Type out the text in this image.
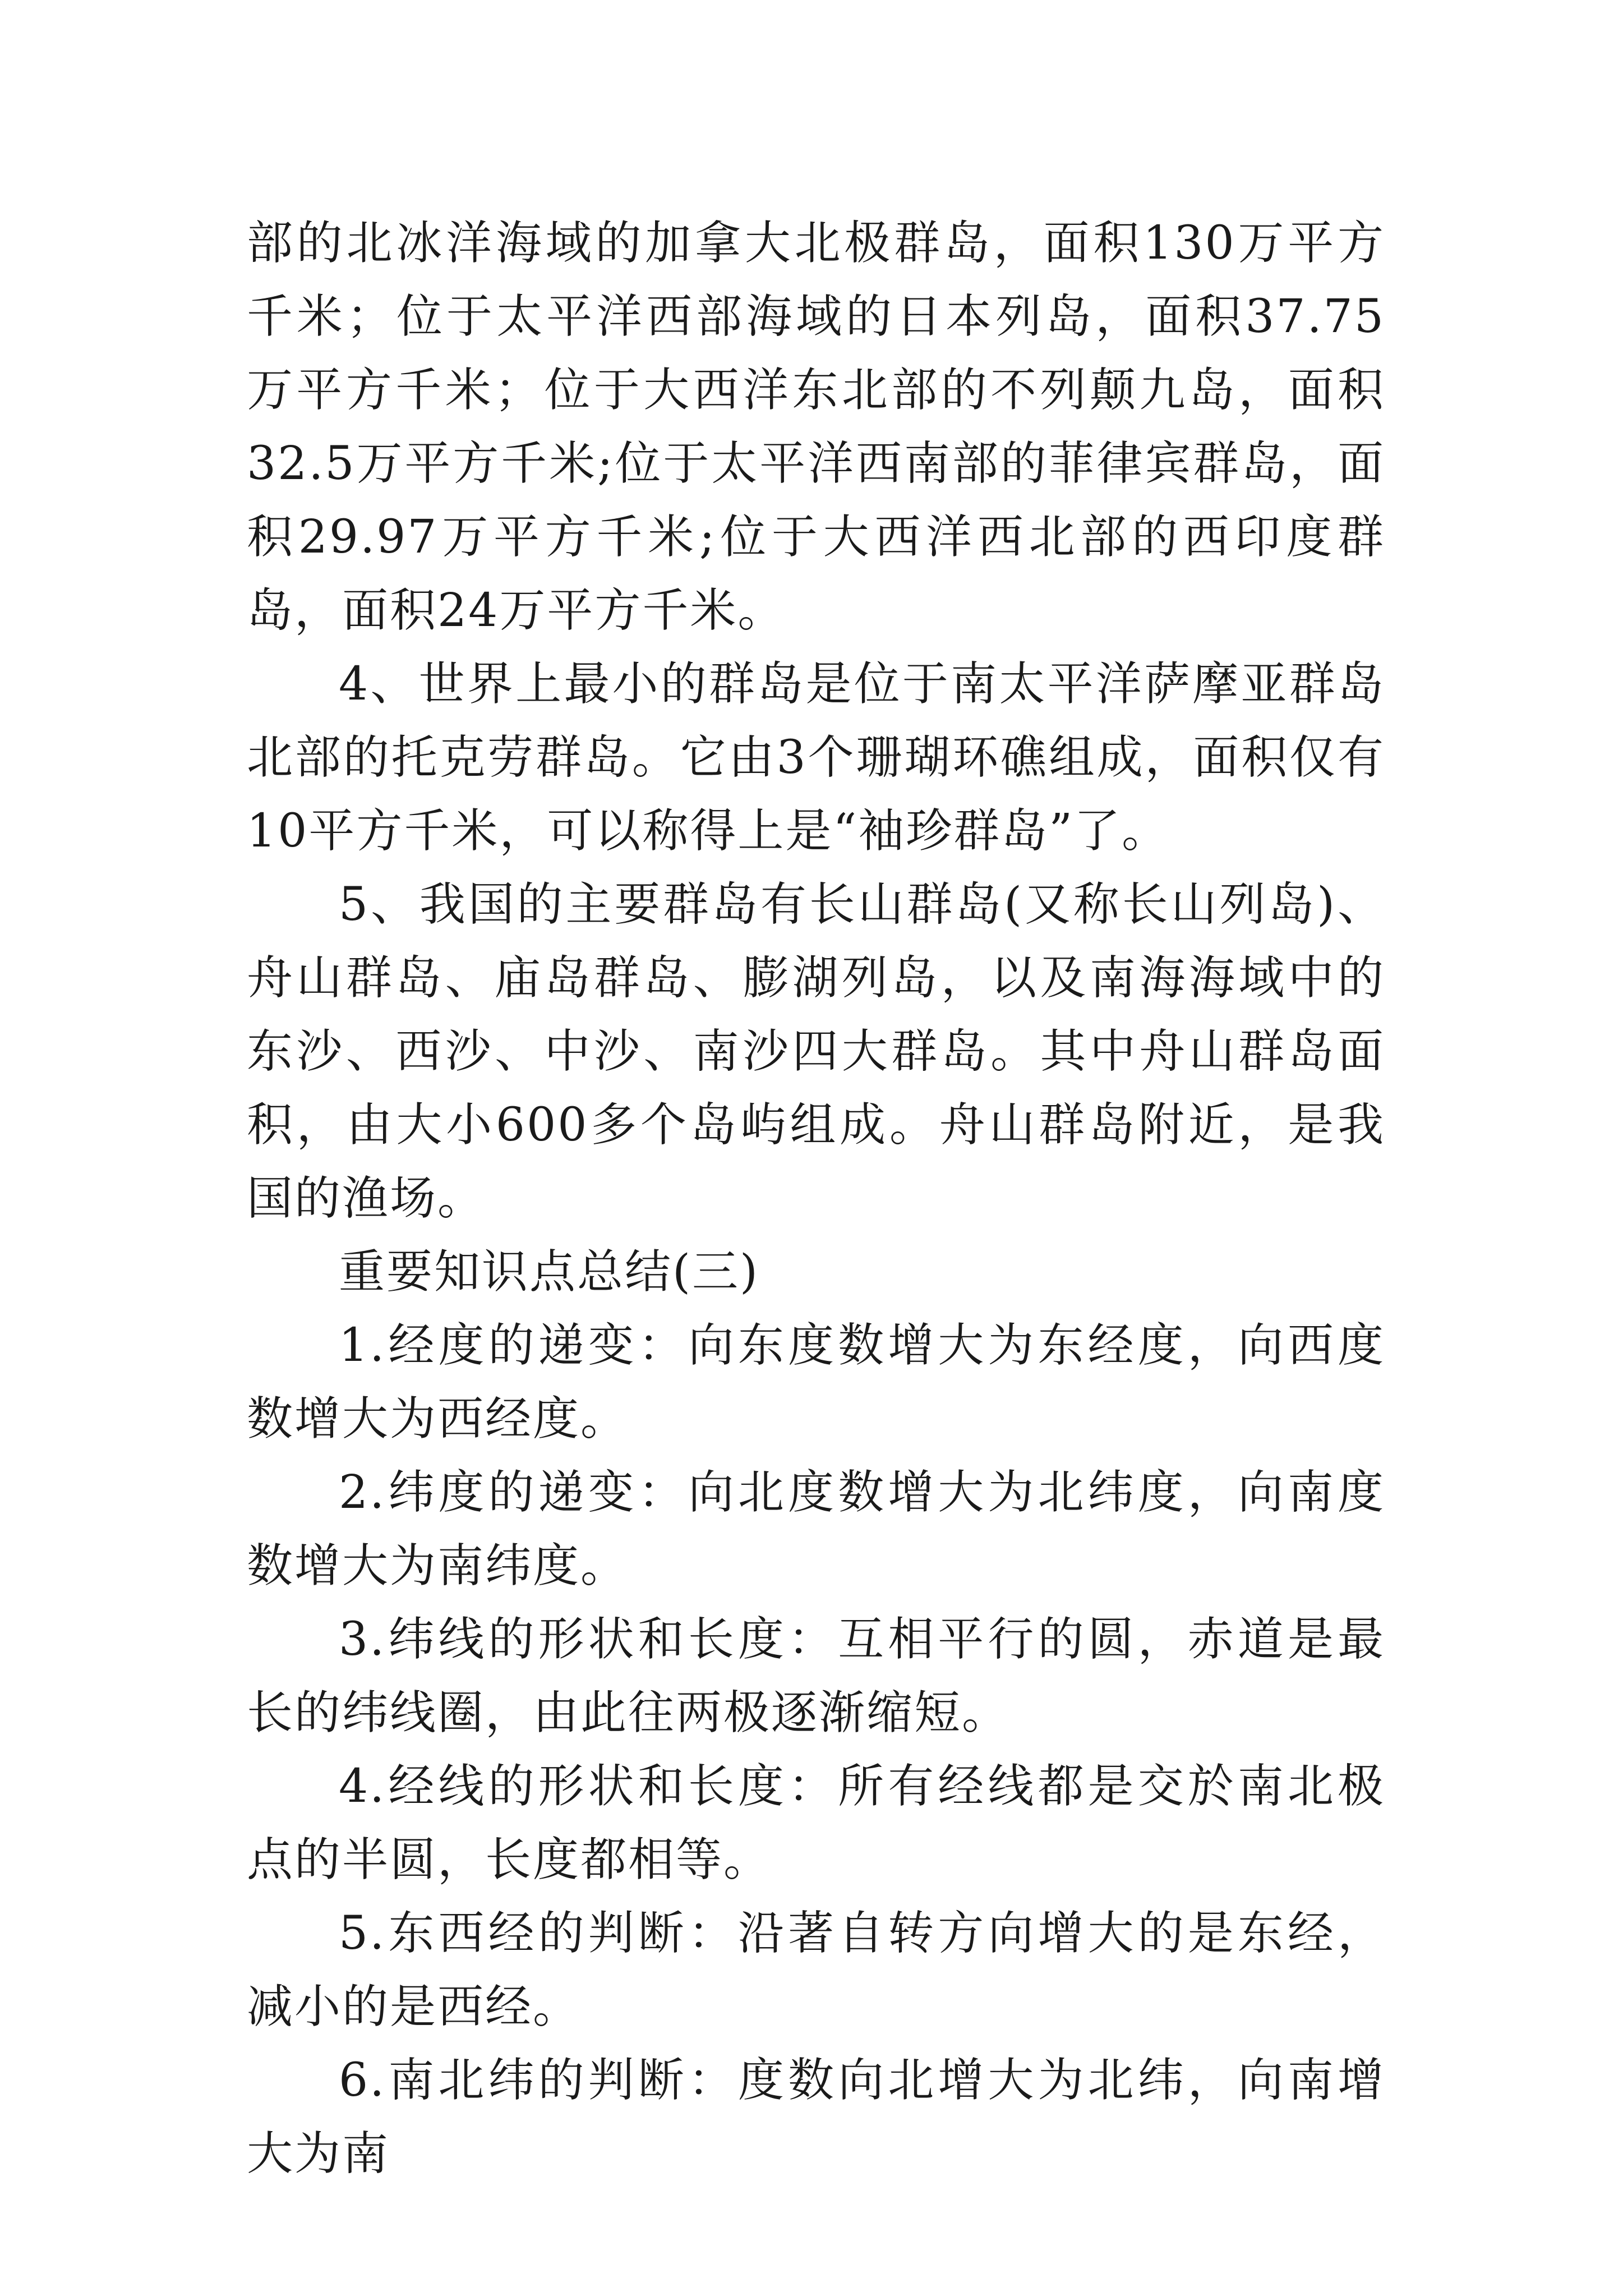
部的北冰洋海域的加拿大北极群岛，面积130万平方千米；位于太平洋西部海域的日本列岛，面积37.75万平方千米；位于大西洋东北部的不列颠九岛，面积32.5万平方千米;位于太平洋西南部的菲律宾群岛，面积29.97万平方千米;位于大西洋西北部的西印度群岛，面积24万平方千米。

4、世界上最小的群岛是位于南太平洋萨摩亚群岛北部的托克劳群岛。它由3个珊瑚环礁组成，面积仅有10平方千米，可以称得上是“袖珍群岛”了。

5、我国的主要群岛有长山群岛(又称长山列岛)、舟山群岛、庙岛群岛、膨湖列岛，以及南海海域中的东沙、西沙、中沙、南沙四大群岛。其中舟山群岛面积，由大小600多个岛屿组成。舟山群岛附近，是我国的渔场。

重要知识点总结(三)

1.经度的递变：向东度数增大为东经度，向西度数增大为西经度。

2.纬度的递变：向北度数增大为北纬度，向南度数增大为南纬度。

3.纬线的形状和长度：互相平行的圆，赤道是最长的纬线圈，由此往两极逐渐缩短。

4.经线的形状和长度：所有经线都是交於南北极点的半圆，长度都相等。

5.东西经的判断：沿著自转方向增大的是东经，减小的是西经。

6.南北纬的判断：度数向北增大为北纬，向南增大为南
